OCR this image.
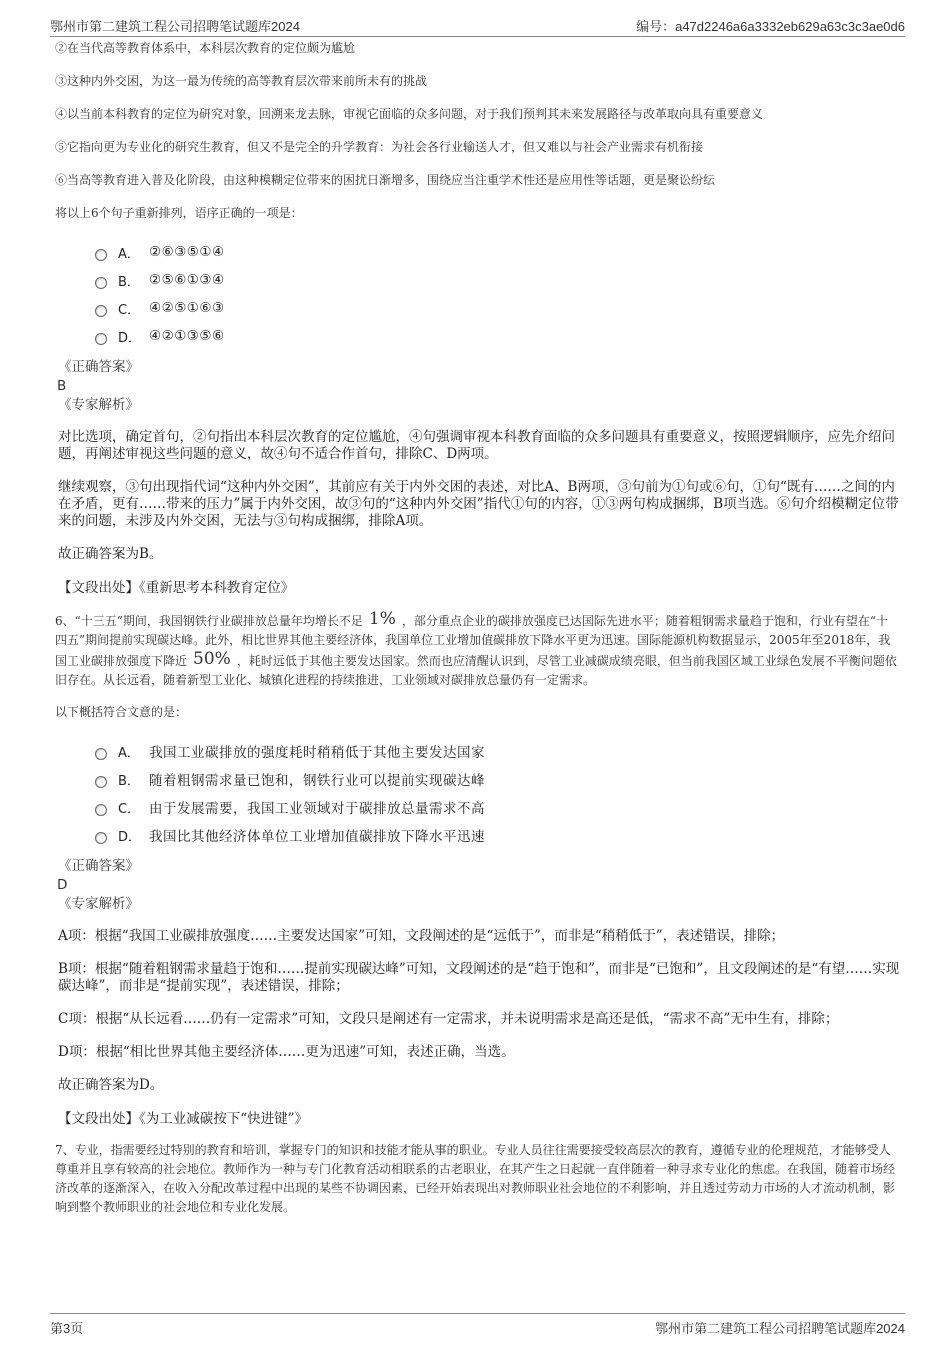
鄂州市第二建筑工程公司招聘笔试题库2024	编号：a47d2246a6a3332eb629a63c3c3ae0d6

②在当代高等教育体系中，本科层次教育的定位颇为尴尬

③这种内外交困，为这一最为传统的高等教育层次带来前所未有的挑战

④以当前本科教育的定位为研究对象，回溯来龙去脉，审视它面临的众多问题，对于我们预判其未来发展路径与改革取向具有重要意义

⑤它指向更为专业化的研究生教育，但又不是完全的升学教育：为社会各行业输送人才，但又难以与社会产业需求有机衔接

⑥当高等教育进入普及化阶段，由这种模糊定位带来的困扰日渐增多，围绕应当注重学术性还是应用性等话题，更是聚讼纷纭

将以上6个句子重新排列，语序正确的一项是：

A． ②⑥③⑤①④
B． ②⑤⑥①③④
C． ④②⑤①⑥③
D． ④②①③⑤⑥
《正确答案》
B
《专家解析》

对比选项，确定首句，②句指出本科层次教育的定位尴尬，④句强调审视本科教育面临的众多问题具有重要意义，按照逻辑顺序，应先介绍问题，再阐述审视这些问题的意义，故④句不适合作首句，排除C、D两项。

继续观察，③句出现指代词“这种内外交困”，其前应有关于内外交困的表述，对比A、B两项，③句前为①句或⑥句，①句“既有……之间的内在矛盾，更有……带来的压力”属于内外交困，故③句的“这种内外交困”指代①句的内容，①③两句构成捆绑，B项当选。⑥句介绍模糊定位带来的问题，未涉及内外交困，无法与③句构成捆绑，排除A项。

故正确答案为B。

【文段出处】《重新思考本科教育定位》

6、“十三五”期间，我国钢铁行业碳排放总量年均增长不足 1% ，部分重点企业的碳排放强度已达国际先进水平；随着粗钢需求量趋于饱和，行业有望在“十四五”期间提前实现碳达峰。此外，相比世界其他主要经济体，我国单位工业增加值碳排放下降水平更为迅速。国际能源机构数据显示，2005年至2018年，我国工业碳排放强度下降近 50% ，耗时远低于其他主要发达国家。然而也应清醒认识到，尽管工业减碳成绩亮眼，但当前我国区域工业绿色发展不平衡问题依旧存在。从长远看，随着新型工业化、城镇化进程的持续推进，工业领域对碳排放总量仍有一定需求。

以下概括符合文意的是：

A． 我国工业碳排放的强度耗时稍稍低于其他主要发达国家
B． 随着粗钢需求量已饱和，钢铁行业可以提前实现碳达峰
C． 由于发展需要，我国工业领域对于碳排放总量需求不高
D． 我国比其他经济体单位工业增加值碳排放下降水平迅速
《正确答案》
D
《专家解析》

A项：根据“我国工业碳排放强度……主要发达国家”可知，文段阐述的是“远低于”，而非是“稍稍低于”，表述错误，排除；

B项：根据“随着粗钢需求量趋于饱和……提前实现碳达峰”可知，文段阐述的是“趋于饱和”，而非是“已饱和”，且文段阐述的是“有望……实现碳达峰”，而非是“提前实现”，表述错误，排除；

C项：根据“从长远看……仍有一定需求”可知，文段只是阐述有一定需求，并未说明需求是高还是低，“需求不高”无中生有，排除；

D项：根据“相比世界其他主要经济体……更为迅速”可知，表述正确，当选。

故正确答案为D。

【文段出处】《为工业减碳按下“快进键”》

7、专业，指需要经过特别的教育和培训，掌握专门的知识和技能才能从事的职业。专业人员往往需要接受较高层次的教育，遵循专业的伦理规范，才能够受人尊重并且享有较高的社会地位。教师作为一种与专门化教育活动相联系的古老职业，在其产生之日起就一直伴随着一种寻求专业化的焦虑。在我国，随着市场经济改革的逐渐深入，在收入分配改革过程中出现的某些不协调因素，已经开始表现出对教师职业社会地位的不利影响，并且透过劳动力市场的人才流动机制，影响到整个教师职业的社会地位和专业化发展。

第3页	鄂州市第二建筑工程公司招聘笔试题库2024
